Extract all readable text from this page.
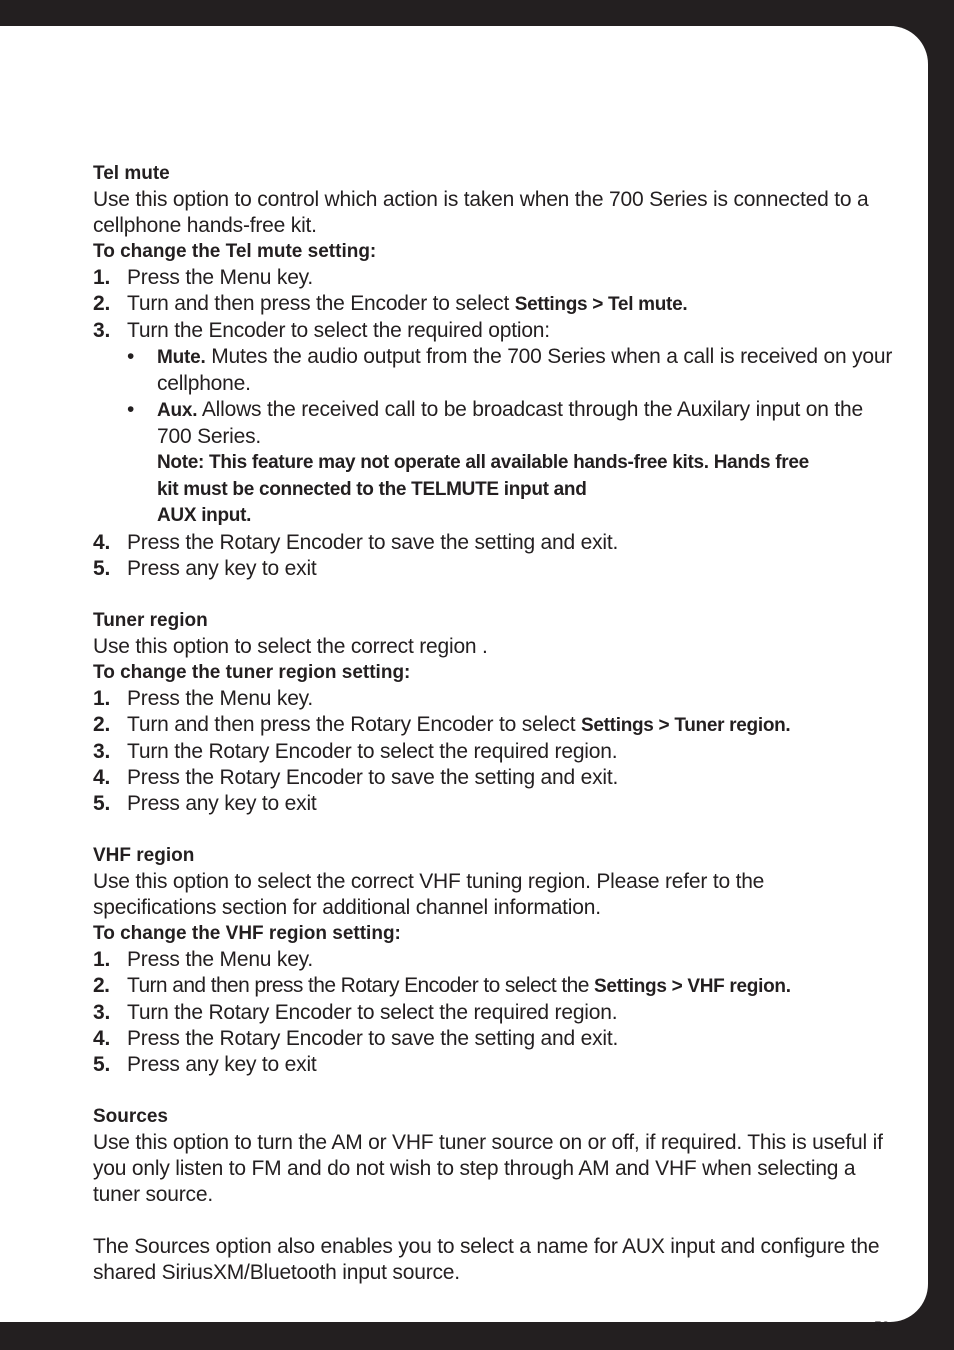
Tel mute

Use this option to control which action is taken when the 700 Series is connected to a cellphone hands-free kit.

To change the Tel mute setting:
1. Press the Menu key.
2. Turn and then press the Encoder to select Settings > Tel mute.
3. Turn the Encoder to select the required option:
• Mute. Mutes the audio output from the 700 Series when a call is received on your cellphone.
• Aux. Allows the received call to be broadcast through the Auxilary input on the 700 Series.
Note: This feature may not operate all available hands-free kits. Hands free
kit must be connected to the TELMUTE input and
AUX input.
4. Press the Rotary Encoder to save the setting and exit.
5. Press any key to exit
Tuner region

Use this option to select the correct region .

To change the tuner region setting:
1. Press the Menu key.
2. Turn and then press the Rotary Encoder to select Settings > Tuner region.
3. Turn the Rotary Encoder to select the required region.
4. Press the Rotary Encoder to save the setting and exit.
5. Press any key to exit
VHF region

Use this option to select the correct VHF tuning region. Please refer to the specifications section for additional channel information.

To change the VHF region setting:
1. Press the Menu key.
2. Turn and then press the Rotary Encoder to select the Settings > VHF region.
3. Turn the Rotary Encoder to select the required region.
4. Press the Rotary Encoder to save the setting and exit.
5. Press any key to exit
Sources

Use this option to turn the AM or VHF tuner source on or off, if required. This is useful if you only listen to FM and do not wish to step through AM and VHF when selecting a tuner source.

The Sources option also enables you to select a name for AUX input and configure the shared SiriusXM/Bluetooth input source.

52
